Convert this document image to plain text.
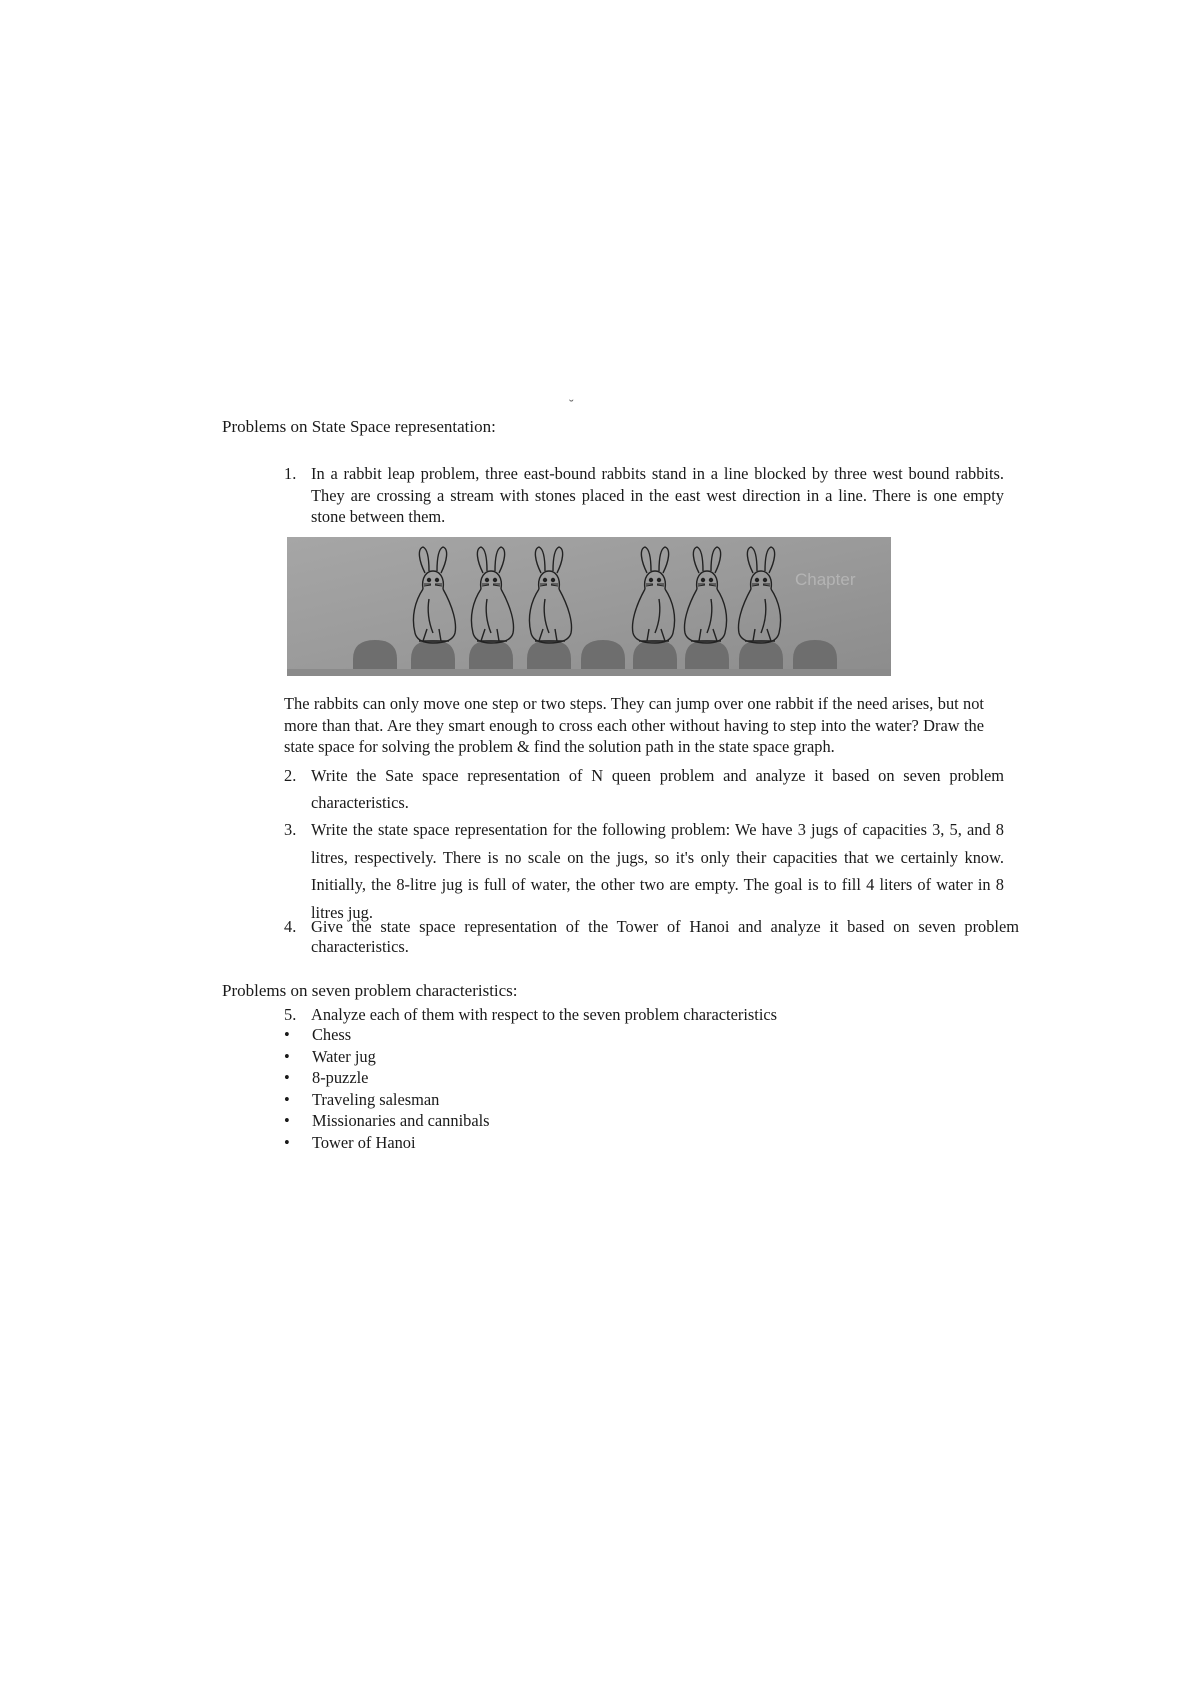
˘
Problems on State Space representation:
1. In a rabbit leap problem, three east-bound rabbits stand in a line blocked by three west bound rabbits. They are crossing a stream with stones placed in the east west direction in a line. There is one empty stone between them.
Chapter

The rabbits can only move one step or two steps. They can jump over one rabbit if the need arises, but not more than that. Are they smart enough to cross each other without having to step into the water? Draw the state space for solving the problem & find the solution path in the state space graph.

2. Write the Sate space representation of N queen problem and analyze it based on seven problem characteristics.
3. Write the state space representation for the following problem: We have 3 jugs of capacities 3, 5, and 8 litres, respectively. There is no scale on the jugs, so it's only their capacities that we certainly know. Initially, the 8-litre jug is full of water, the other two are empty. The goal is to fill 4 liters of water in 8 litres jug.
4. Give the state space representation of the Tower of Hanoi and analyze it based on seven problem characteristics.
Problems on seven problem characteristics:
5. Analyze each of them with respect to the seven problem characteristics
• Chess
• Water jug
• 8-puzzle
• Traveling salesman
• Missionaries and cannibals
• Tower of Hanoi
